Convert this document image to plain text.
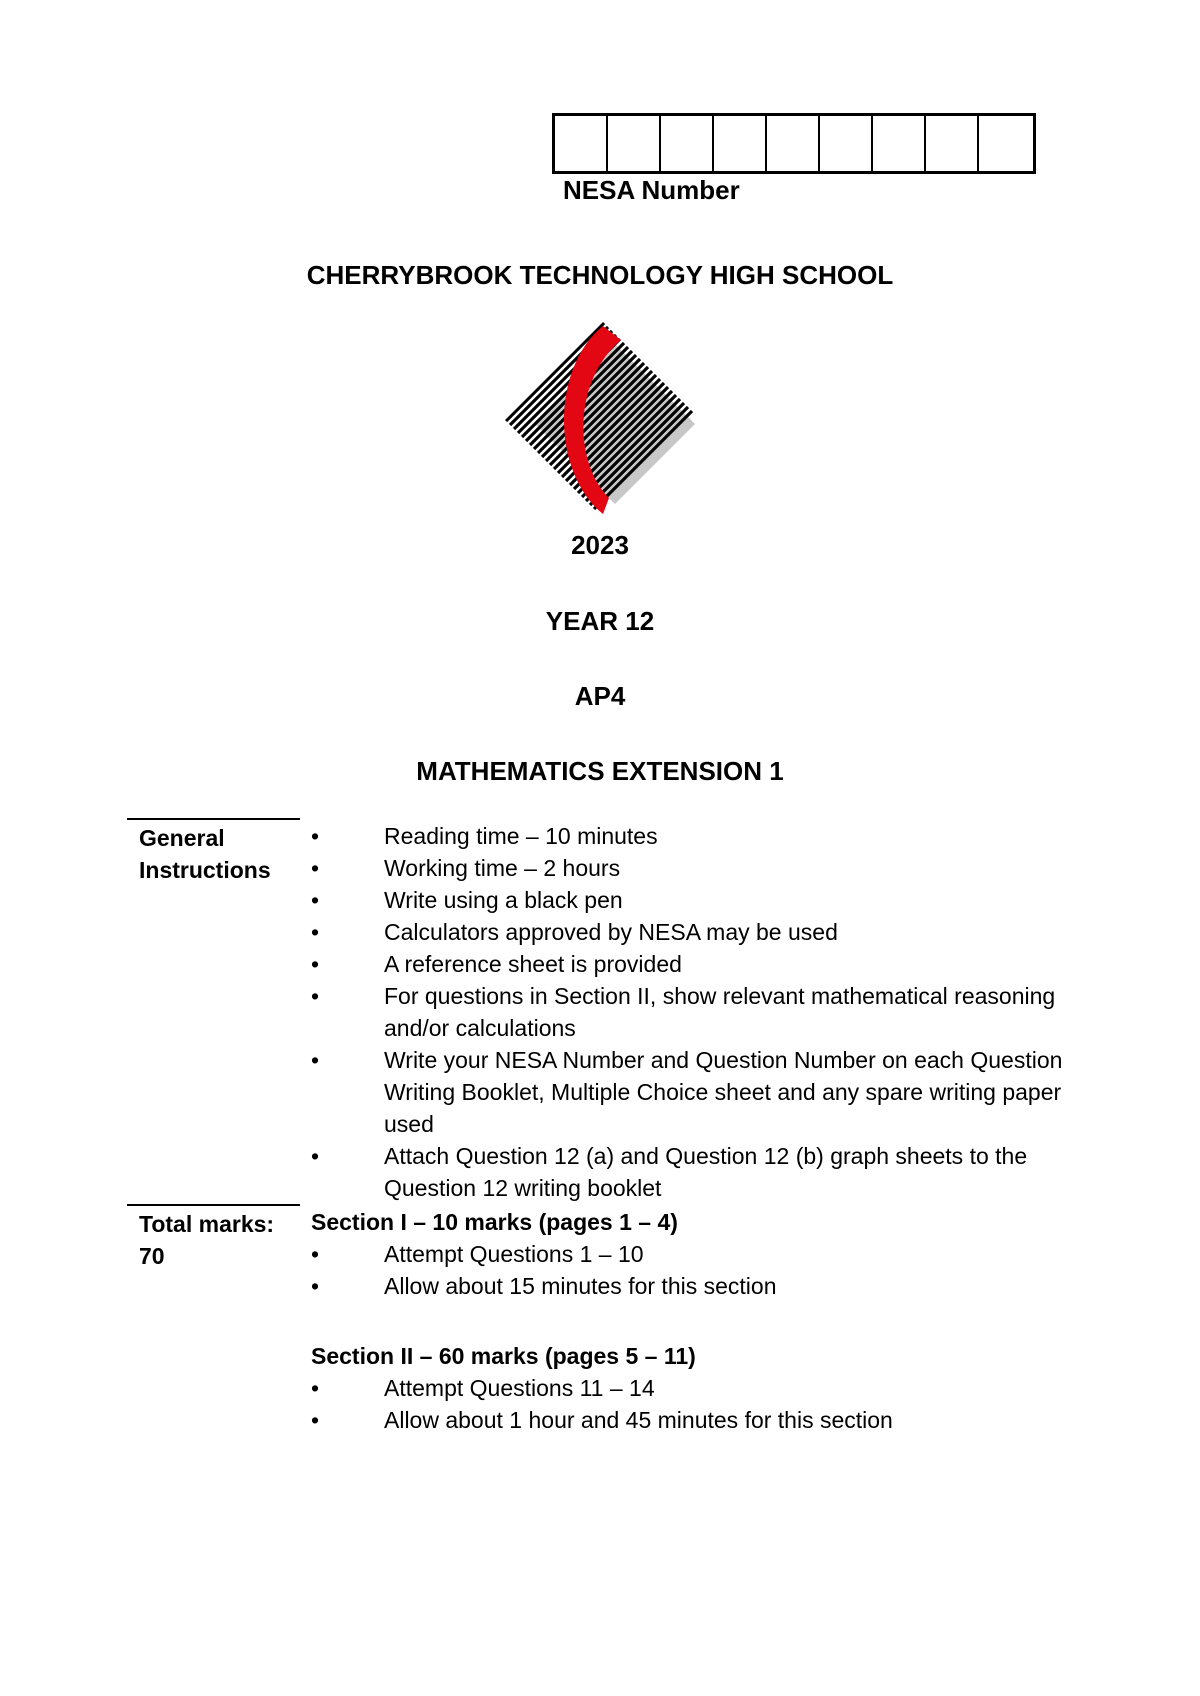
NESA Number
CHERRYBROOK TECHNOLOGY HIGH SCHOOL
2023
YEAR 12
AP4
MATHEMATICS EXTENSION 1
General
Instructions
•	Reading time – 10 minutes
•	Working time – 2 hours
•	Write using a black pen
•	Calculators approved by NESA may be used
•	A reference sheet is provided
•	For questions in Section II, show relevant mathematical reasoning and/or calculations
•	Write your NESA Number and Question Number on each Question Writing Booklet, Multiple Choice sheet and any spare writing paper used
•	Attach Question 12 (a) and Question 12 (b) graph sheets to the Question 12 writing booklet
Total marks:
70
Section I – 10 marks (pages 1 – 4)
•	Attempt Questions 1 – 10
•	Allow about 15 minutes for this section
Section II – 60 marks (pages 5 – 11)
•	Attempt Questions 11 – 14
•	Allow about 1 hour and 45 minutes for this section
